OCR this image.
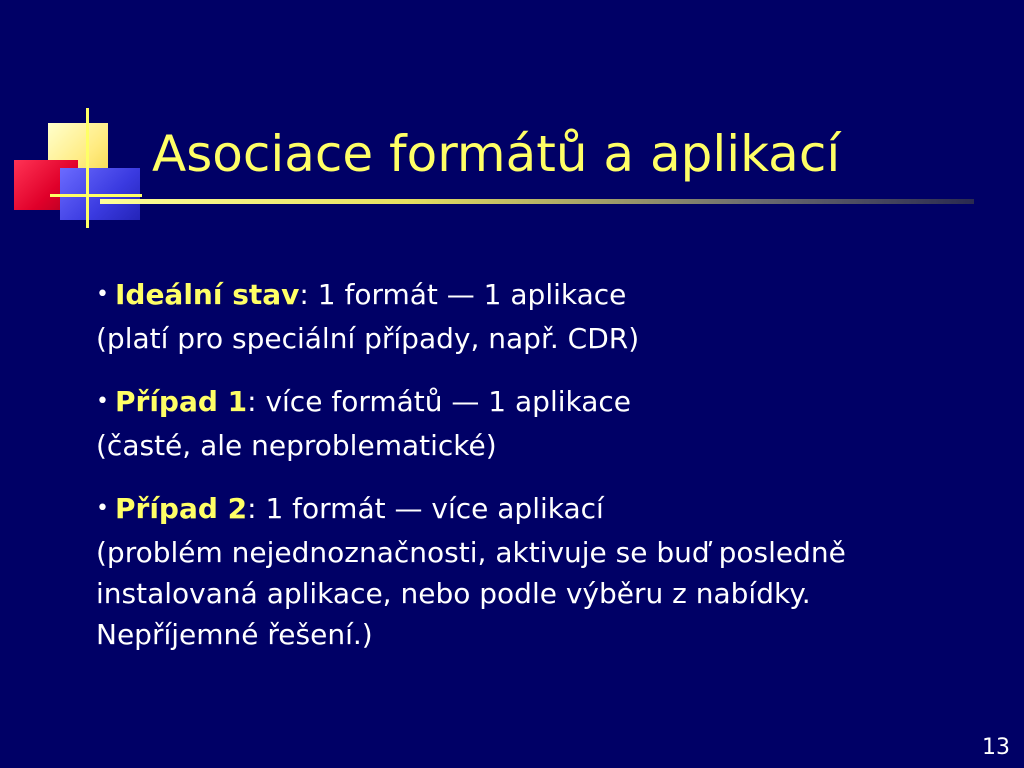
Asociace formátů a aplikací
• Ideální stav: 1 formát — 1 aplikace
(platí pro speciální případy, např. CDR)
• Případ 1: více formátů — 1 aplikace
(časté, ale neproblematické)
• Případ 2: 1 formát — více aplikací
(problém nejednoznačnosti, aktivuje se buď posledně instalovaná aplikace, nebo podle výběru z nabídky. Nepříjemné řešení.)
13
